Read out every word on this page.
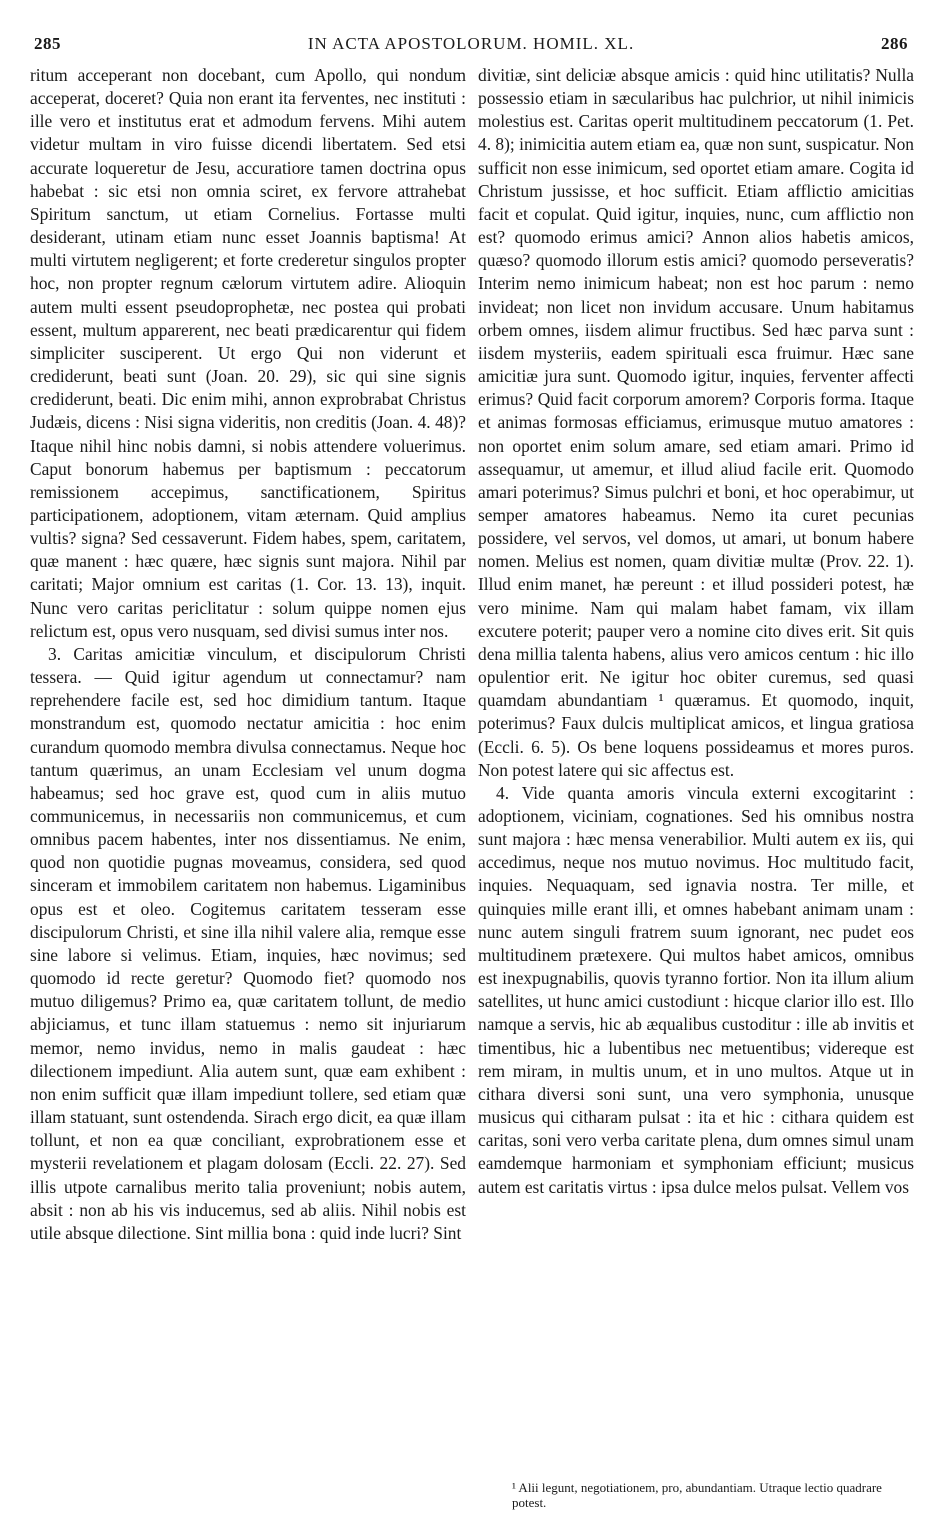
285	IN ACTA APOSTOLORUM. HOMIL. XL.	286

ritum acceperant non docebant, cum Apollo, qui nondum acceperat, doceret? Quia non erant ita ferventes, nec instituti : ille vero et institutus erat et admodum fervens. Mihi autem videtur multam in viro fuisse dicendi libertatem. Sed etsi accurate loqueretur de Jesu, accuratiore tamen doctrina opus habebat : sic etsi non omnia sciret, ex fervore attrahebat Spiritum sanctum, ut etiam Cornelius. Fortasse multi desiderant, utinam etiam nunc esset Joannis baptisma! At multi virtutem negligerent; et forte crederetur singulos propter hoc, non propter regnum cælorum virtutem adire. Alioquin autem multi essent pseudoprophetæ, nec postea qui probati essent, multum apparerent, nec beati prædicarentur qui fidem simpliciter susciperent. Ut ergo Qui non viderunt et crediderunt, beati sunt (Joan. 20. 29), sic qui sine signis crediderunt, beati. Dic enim mihi, annon exprobrabat Christus Judæis, dicens : Nisi signa videritis, non creditis (Joan. 4. 48)? Itaque nihil hinc nobis damni, si nobis attendere voluerimus. Caput bonorum habemus per baptismum : peccatorum remissionem accepimus, sanctificationem, Spiritus participationem, adoptionem, vitam æternam. Quid amplius vultis? signa? Sed cessaverunt. Fidem habes, spem, caritatem, quæ manent : hæc quære, hæc signis sunt majora. Nihil par caritati; Major omnium est caritas (1. Cor. 13. 13), inquit. Nunc vero caritas periclitatur : solum quippe nomen ejus relictum est, opus vero nusquam, sed divisi sumus inter nos.

3. Caritas amicitiæ vinculum, et discipulorum Christi tessera. — Quid igitur agendum ut connectamur? nam reprehendere facile est, sed hoc dimidium tantum. Itaque monstrandum est, quomodo nectatur amicitia : hoc enim curandum quomodo membra divulsa connectamus. Neque hoc tantum quærimus, an unam Ecclesiam vel unum dogma habeamus; sed hoc grave est, quod cum in aliis mutuo communicemus, in necessariis non communicemus, et cum omnibus pacem habentes, inter nos dissentiamus. Ne enim, quod non quotidie pugnas moveamus, considera, sed quod sinceram et immobilem caritatem non habemus. Ligaminibus opus est et oleo. Cogitemus caritatem tesseram esse discipulorum Christi, et sine illa nihil valere alia, remque esse sine labore si velimus. Etiam, inquies, hæc novimus; sed quomodo id recte geretur? Quomodo fiet? quomodo nos mutuo diligemus? Primo ea, quæ caritatem tollunt, de medio abjiciamus, et tunc illam statuemus : nemo sit injuriarum memor, nemo invidus, nemo in malis gaudeat : hæc dilectionem impediunt. Alia autem sunt, quæ eam exhibent : non enim sufficit quæ illam impediunt tollere, sed etiam quæ illam statuant, sunt ostendenda. Sirach ergo dicit, ea quæ illam tollunt, et non ea quæ conciliant, exprobrationem esse et mysterii revelationem et plagam dolosam (Eccli. 22. 27). Sed illis utpote carnalibus merito talia proveniunt; nobis autem, absit : non ab his vis inducemus, sed ab aliis. Nihil nobis est utile absque dilectione. Sint millia bona : quid inde lucri? Sint

divitiæ, sint deliciæ absque amicis : quid hinc utilitatis? Nulla possessio etiam in sæcularibus hac pulchrior, ut nihil inimicis molestius est. Caritas operit multitudinem peccatorum (1. Pet. 4. 8); inimicitia autem etiam ea, quæ non sunt, suspicatur. Non sufficit non esse inimicum, sed oportet etiam amare. Cogita id Christum jussisse, et hoc sufficit. Etiam afflictio amicitias facit et copulat. Quid igitur, inquies, nunc, cum afflictio non est? quomodo erimus amici? Annon alios habetis amicos, quæso? quomodo illorum estis amici? quomodo perseveratis? Interim nemo inimicum habeat; non est hoc parum : nemo invideat; non licet non invidum accusare. Unum habitamus orbem omnes, iisdem alimur fructibus. Sed hæc parva sunt : iisdem mysteriis, eadem spirituali esca fruimur. Hæc sane amicitiæ jura sunt. Quomodo igitur, inquies, ferventer affecti erimus? Quid facit corporum amorem? Corporis forma. Itaque et animas formosas efficiamus, erimusque mutuo amatores : non oportet enim solum amare, sed etiam amari. Primo id assequamur, ut amemur, et illud aliud facile erit. Quomodo amari poterimus? Simus pulchri et boni, et hoc operabimur, ut semper amatores habeamus. Nemo ita curet pecunias possidere, vel servos, vel domos, ut amari, ut bonum habere nomen. Melius est nomen, quam divitiæ multæ (Prov. 22. 1). Illud enim manet, hæ pereunt : et illud possideri potest, hæ vero minime. Nam qui malam habet famam, vix illam excutere poterit; pauper vero a nomine cito dives erit. Sit quis dena millia talenta habens, alius vero amicos centum : hic illo opulentior erit. Ne igitur hoc obiter curemus, sed quasi quamdam abundantiam ¹ quæramus. Et quomodo, inquit, poterimus? Faux dulcis multiplicat amicos, et lingua gratiosa (Eccli. 6. 5). Os bene loquens possideamus et mores puros. Non potest latere qui sic affectus est.

4. Vide quanta amoris vincula externi excogitarint : adoptionem, viciniam, cognationes. Sed his omnibus nostra sunt majora : hæc mensa venerabilior. Multi autem ex iis, qui accedimus, neque nos mutuo novimus. Hoc multitudo facit, inquies. Nequaquam, sed ignavia nostra. Ter mille, et quinquies mille erant illi, et omnes habebant animam unam : nunc autem singuli fratrem suum ignorant, nec pudet eos multitudinem prætexere. Qui multos habet amicos, omnibus est inexpugnabilis, quovis tyranno fortior. Non ita illum alium satellites, ut hunc amici custodiunt : hicque clarior illo est. Illo namque a servis, hic ab æqualibus custoditur : ille ab invitis et timentibus, hic a lubentibus nec metuentibus; videreque est rem miram, in multis unum, et in uno multos. Atque ut in cithara diversi soni sunt, una vero symphonia, unusque musicus qui citharam pulsat : ita et hic : cithara quidem est caritas, soni vero verba caritate plena, dum omnes simul unam eamdemque harmoniam et symphoniam efficiunt; musicus autem est caritatis virtus : ipsa dulce melos pulsat. Vellem vos

¹ Alii legunt, negotiationem, pro, abundantiam. Utraque lectio quadrare potest.
